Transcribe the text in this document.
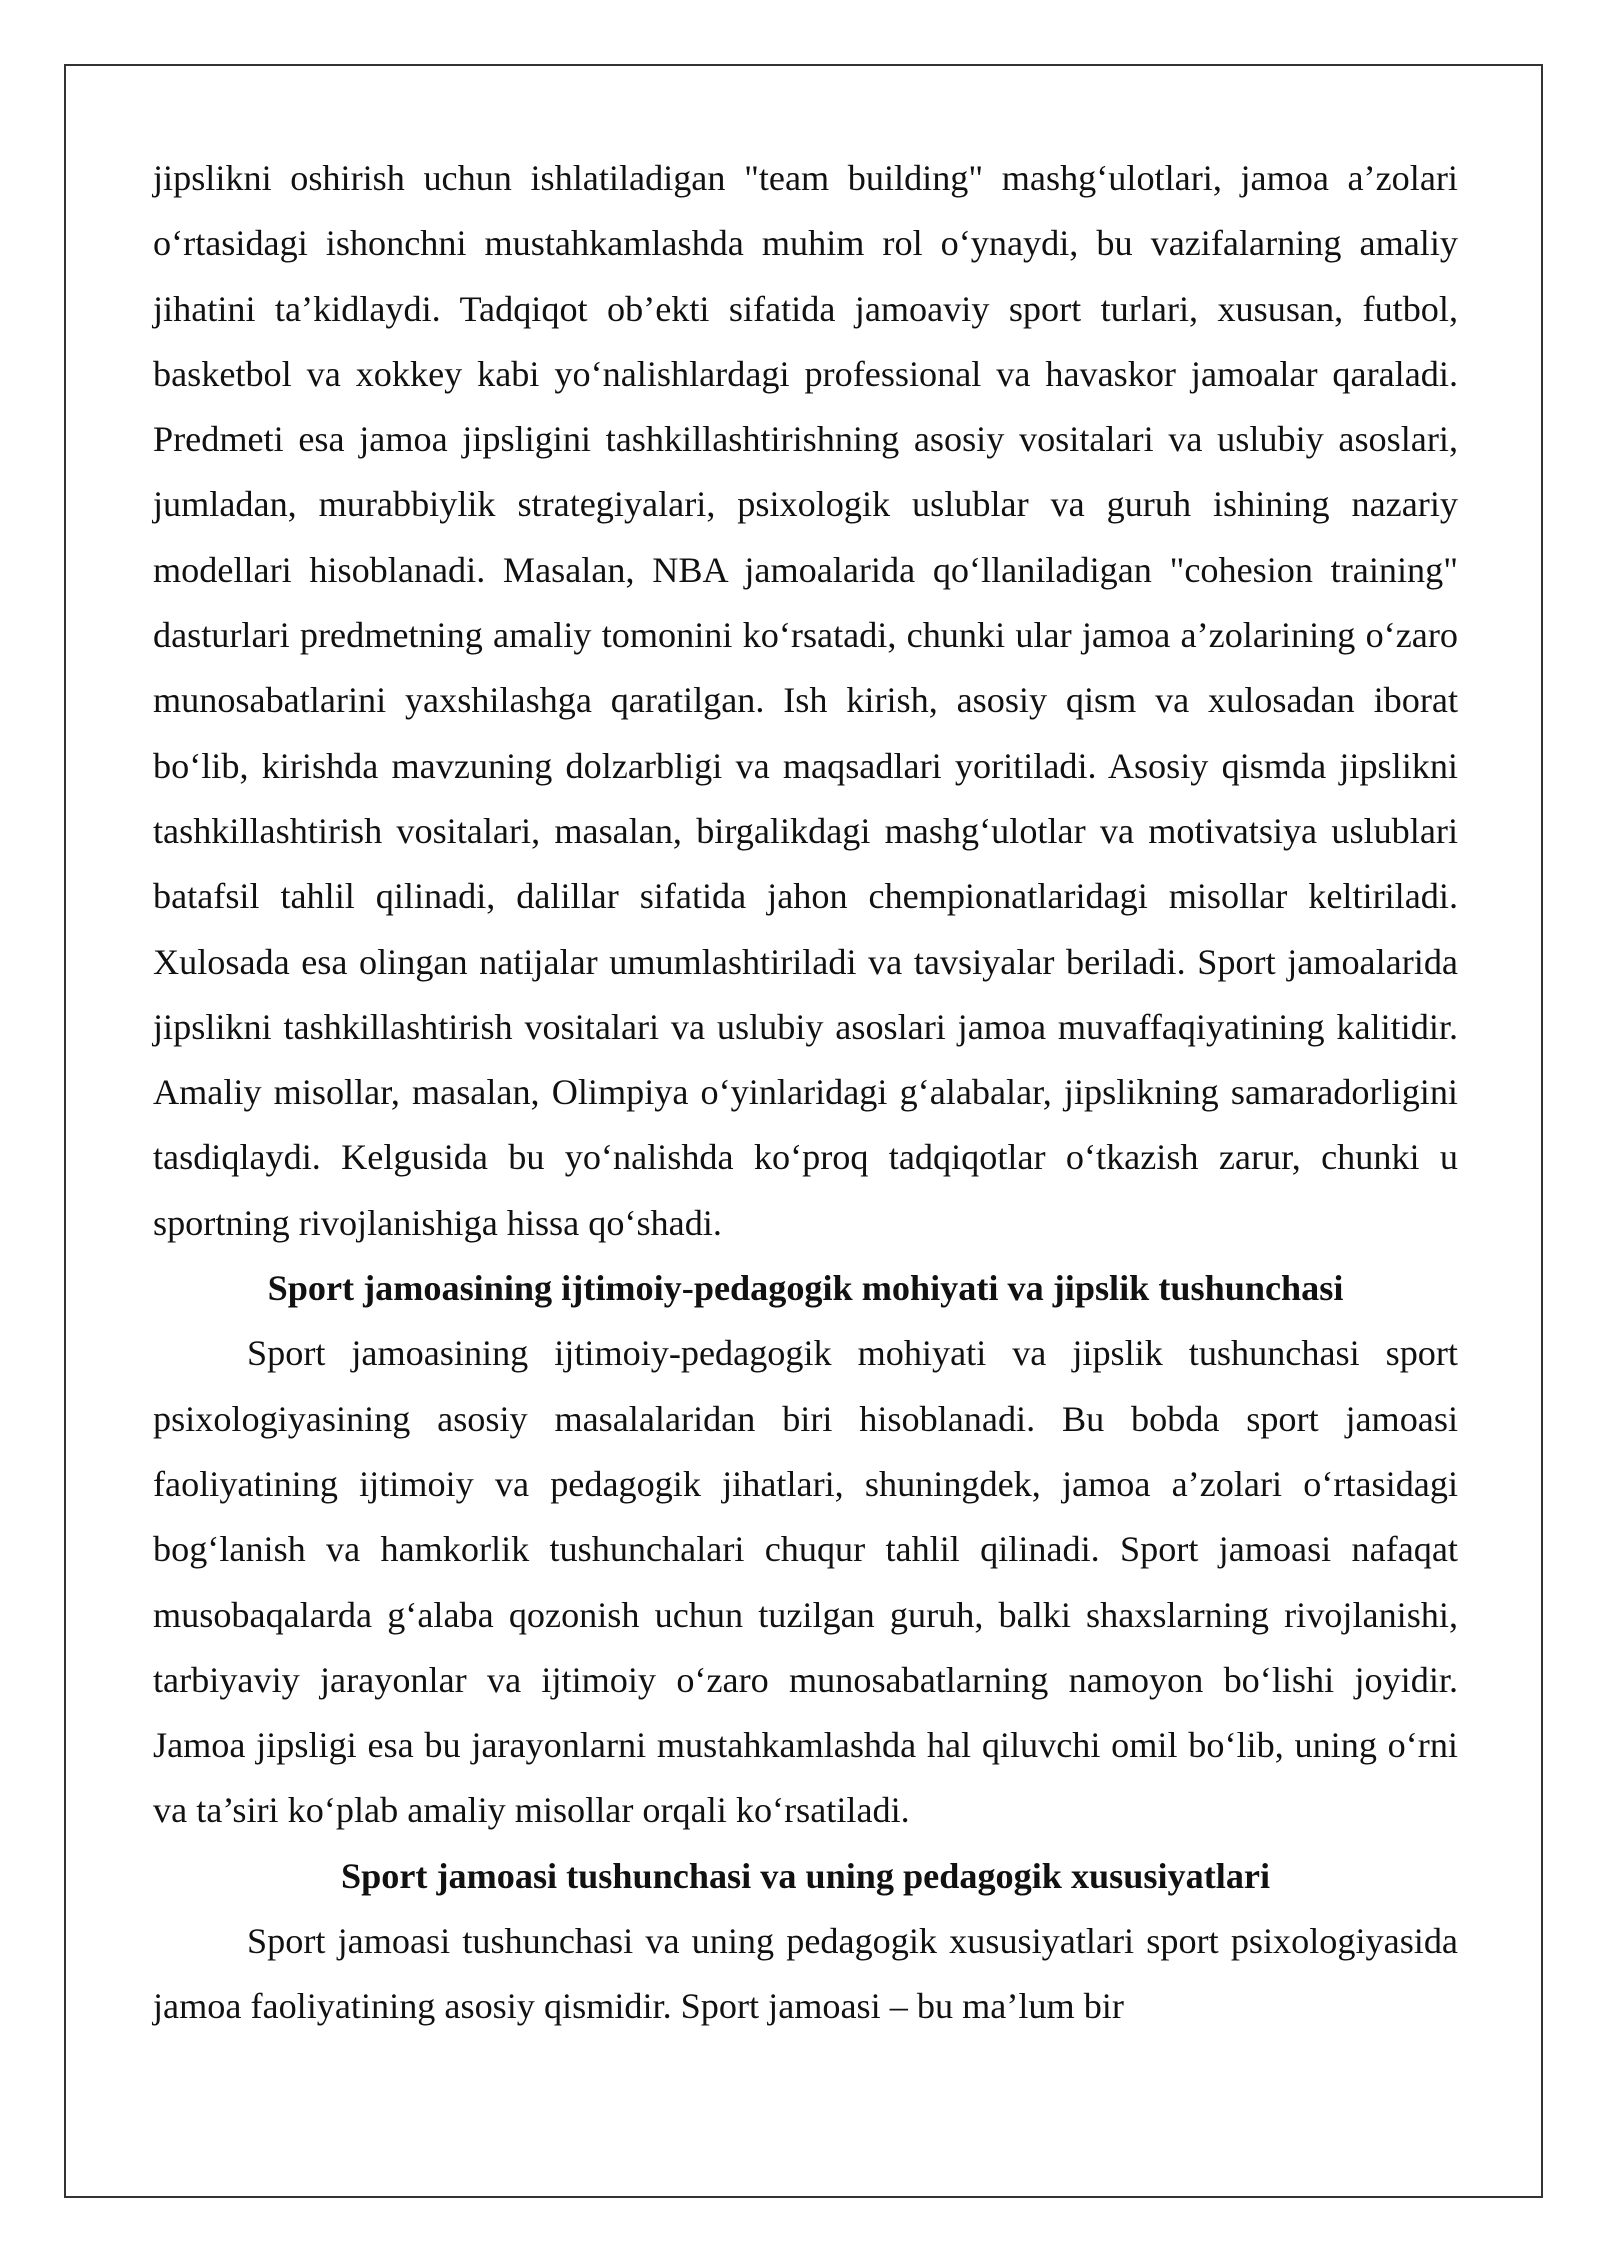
jipslikni oshirish uchun ishlatiladigan "team building" mashg‘ulotlari, jamoa a’zolari o‘rtasidagi ishonchni mustahkamlashda muhim rol o‘ynaydi, bu vazifalarning amaliy jihatini ta’kidlaydi. Tadqiqot ob’ekti sifatida jamoaviy sport turlari, xususan, futbol, basketbol va xokkey kabi yo‘nalishlardagi professional va havaskor jamoalar qaraladi. Predmeti esa jamoa jipsligini tashkillashtirishning asosiy vositalari va uslubiy asoslari, jumladan, murabbiylik strategiyalari, psixologik uslublar va guruh ishining nazariy modellari hisoblanadi. Masalan, NBA jamoalarida qo‘llaniladigan "cohesion training" dasturlari predmetning amaliy tomonini ko‘rsatadi, chunki ular jamoa a’zolarining o‘zaro munosabatlarini yaxshilashga qaratilgan. Ish kirish, asosiy qism va xulosadan iborat bo‘lib, kirishda mavzuning dolzarbligi va maqsadlari yoritiladi. Asosiy qismda jipslikni tashkillashtirish vositalari, masalan, birgalikdagi mashg‘ulotlar va motivatsiya uslublari batafsil tahlil qilinadi, dalillar sifatida jahon chempionatlaridagi misollar keltiriladi. Xulosada esa olingan natijalar umumlashtiriladi va tavsiyalar beriladi. Sport jamoalarida jipslikni tashkillashtirish vositalari va uslubiy asoslari jamoa muvaffaqiyatining kalitidir. Amaliy misollar, masalan, Olimpiya o‘yinlaridagi g‘alabalar, jipslikning samaradorligini tasdiqlaydi. Kelgusida bu yo‘nalishda ko‘proq tadqiqotlar o‘tkazish zarur, chunki u sportning rivojlanishiga hissa qo‘shadi.

Sport jamoasining ijtimoiy-pedagogik mohiyati va jipslik tushunchasi

Sport jamoasining ijtimoiy-pedagogik mohiyati va jipslik tushunchasi sport psixologiyasining asosiy masalalaridan biri hisoblanadi. Bu bobda sport jamoasi faoliyatining ijtimoiy va pedagogik jihatlari, shuningdek, jamoa a’zolari o‘rtasidagi bog‘lanish va hamkorlik tushunchalari chuqur tahlil qilinadi. Sport jamoasi nafaqat musobaqalarda g‘alaba qozonish uchun tuzilgan guruh, balki shaxslarning rivojlanishi, tarbiyaviy jarayonlar va ijtimoiy o‘zaro munosabatlarning namoyon bo‘lishi joyidir. Jamoa jipsligi esa bu jarayonlarni mustahkamlashda hal qiluvchi omil bo‘lib, uning o‘rni va ta’siri ko‘plab amaliy misollar orqali ko‘rsatiladi.

Sport jamoasi tushunchasi va uning pedagogik xususiyatlari

Sport jamoasi tushunchasi va uning pedagogik xususiyatlari sport psixologiyasida jamoa faoliyatining asosiy qismidir. Sport jamoasi – bu ma’lum bir
